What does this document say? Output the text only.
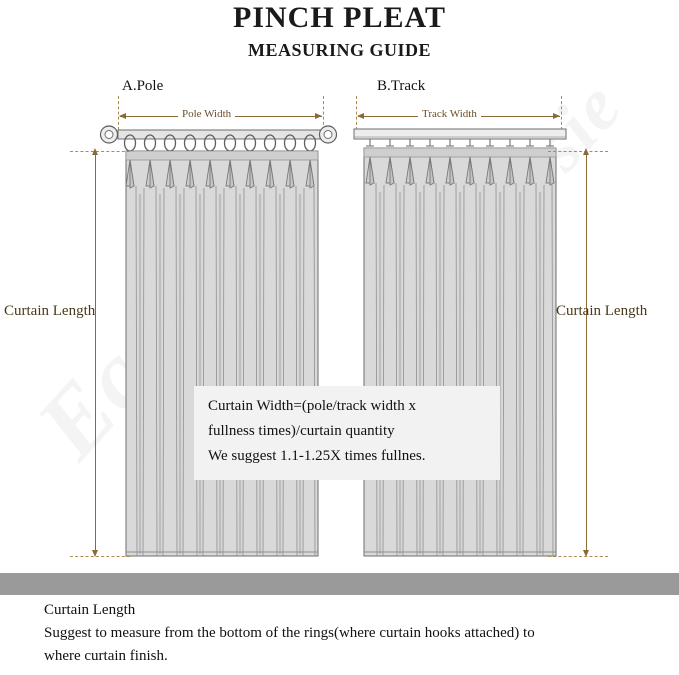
PINCH PLEAT
MEASURING GUIDE
A.Pole	B.Track
Pole Width
Curtain Length
Track Width
Curtain Length
Curtain Width=(pole/track width x
fullness times)/curtain quantity
We suggest 1.1-1.25X times fullnes.
Curtain Length
Suggest to measure from the bottom of the rings(where curtain hooks attached) to
where curtain finish.
